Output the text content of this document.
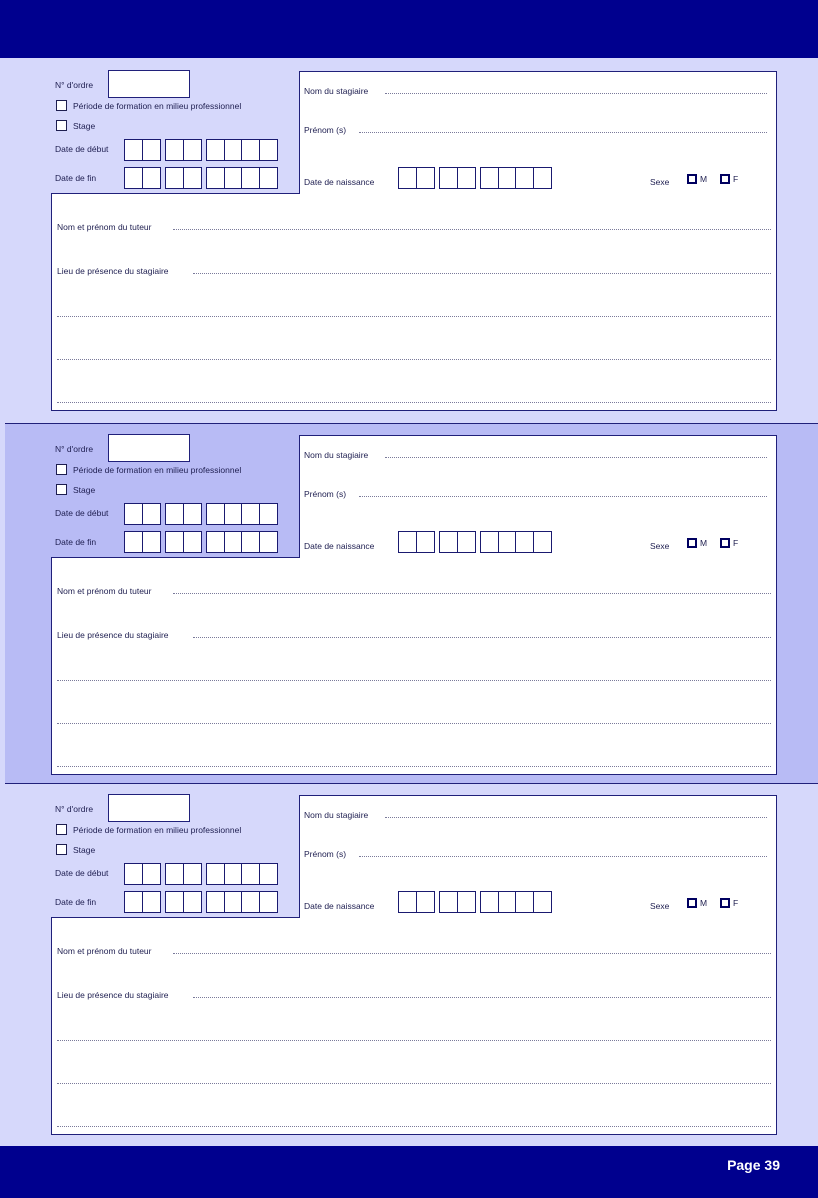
N° d'ordre
Période de formation en milieu professionnel
Stage
Date de début
Date de fin
Nom du stagiaire
Prénom (s)
Date de naissance	Sexe	M	F
Nom et prénom du tuteur
Lieu de présence du stagiaire
N° d'ordre
Période de formation en milieu professionnel
Stage
Date de début
Date de fin
Nom du stagiaire
Prénom (s)
Date de naissance	Sexe	M	F
Nom et prénom du tuteur
Lieu de présence du stagiaire
N° d'ordre
Période de formation en milieu professionnel
Stage
Date de début
Date de fin
Nom du stagiaire
Prénom (s)
Date de naissance	Sexe	M	F
Nom et prénom du tuteur
Lieu de présence du stagiaire
Page 39
